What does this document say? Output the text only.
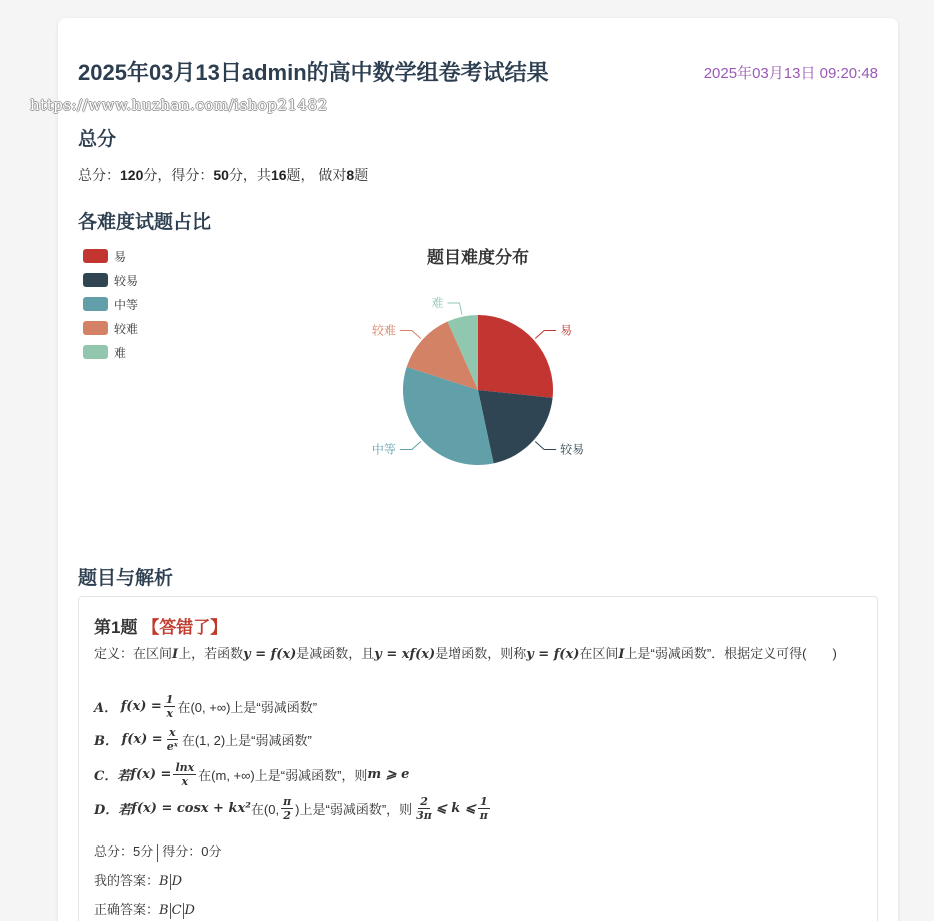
2025年03月13日admin的高中数学组卷考试结果	2025年03月13日 09:20:48
总分
总分：120分，得分：50分，共16题， 做对8题
各难度试题占比
易
较易
中等
较难
难
题目难度分布
易
较易
中等
较难
难
题目与解析
第1题 【答错了】
定义：在区间I上，若函数y = f(x)是减函数，且y = xf(x)是增函数，则称y = f(x)在区间I上是“弱减函数”．根据定义可得(　　)
A．
$f(x) = \frac{1}{x}$ 在(0, +∞)上是“弱减函数”
B．
$f(x) = \frac{x}{\text{eˣ}}$ 在(1, 2)上是“弱减函数”
C．若 $f(x) = \frac{\ln x}{x}$ 在(m, +∞)上是“弱减函数”，则 m ⩾ e
D．若 f(x) = cosx + kx² 在(0, $\frac{\pi}{2}$ )上是“弱减函数”，则 $\frac{2}{3\pi}$ ⩽ k ⩽ $\frac{1}{\pi}$
总分：5分 得分：0分
我的答案：B D
正确答案：B C D
https://www.huzhan.com/ishop21482
